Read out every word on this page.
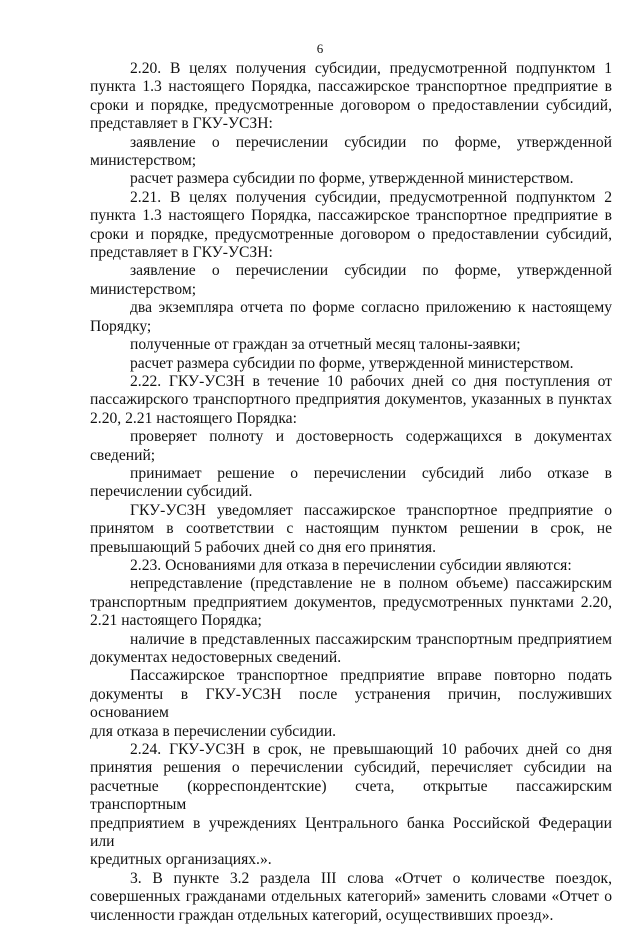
6
2.20. В целях получения субсидии, предусмотренной подпунктом 1
пункта 1.3 настоящего Порядка, пассажирское транспортное предприятие в
сроки и порядке, предусмотренные договором о предоставлении субсидий,
представляет в ГКУ-УСЗН:
заявление о перечислении субсидии по форме, утвержденной
министерством;
расчет размера субсидии по форме, утвержденной министерством.
2.21. В целях получения субсидии, предусмотренной подпунктом 2
пункта 1.3 настоящего Порядка, пассажирское транспортное предприятие в
сроки и порядке, предусмотренные договором о предоставлении субсидий,
представляет в ГКУ-УСЗН:
заявление о перечислении субсидии по форме, утвержденной
министерством;
два экземпляра отчета по форме согласно приложению к настоящему
Порядку;
полученные от граждан за отчетный месяц талоны-заявки;
расчет размера субсидии по форме, утвержденной министерством.
2.22. ГКУ-УСЗН в течение 10 рабочих дней со дня поступления от
пассажирского транспортного предприятия документов, указанных в пунктах
2.20, 2.21 настоящего Порядка:
проверяет полноту и достоверность содержащихся в документах
сведений;
принимает решение о перечислении субсидий либо отказе в
перечислении субсидий.
ГКУ-УСЗН уведомляет пассажирское транспортное предприятие о
принятом в соответствии с настоящим пунктом решении в срок, не
превышающий 5 рабочих дней со дня его принятия.
2.23. Основаниями для отказа в перечислении субсидии являются:
непредставление (представление не в полном объеме) пассажирским
транспортным предприятием документов, предусмотренных пунктами 2.20,
2.21 настоящего Порядка;
наличие в представленных пассажирским транспортным предприятием
документах недостоверных сведений.
Пассажирское транспортное предприятие вправе повторно подать
документы в ГКУ-УСЗН после устранения причин, послуживших основанием
для отказа в перечислении субсидии.
2.24. ГКУ-УСЗН в срок, не превышающий 10 рабочих дней со дня
принятия решения о перечислении субсидий, перечисляет субсидии на
расчетные (корреспондентские) счета, открытые пассажирским транспортным
предприятием в учреждениях Центрального банка Российской Федерации или
кредитных организациях.».
3. В пункте 3.2 раздела III слова «Отчет о количестве поездок,
совершенных гражданами отдельных категорий» заменить словами «Отчет о
численности граждан отдельных категорий, осуществивших проезд».
